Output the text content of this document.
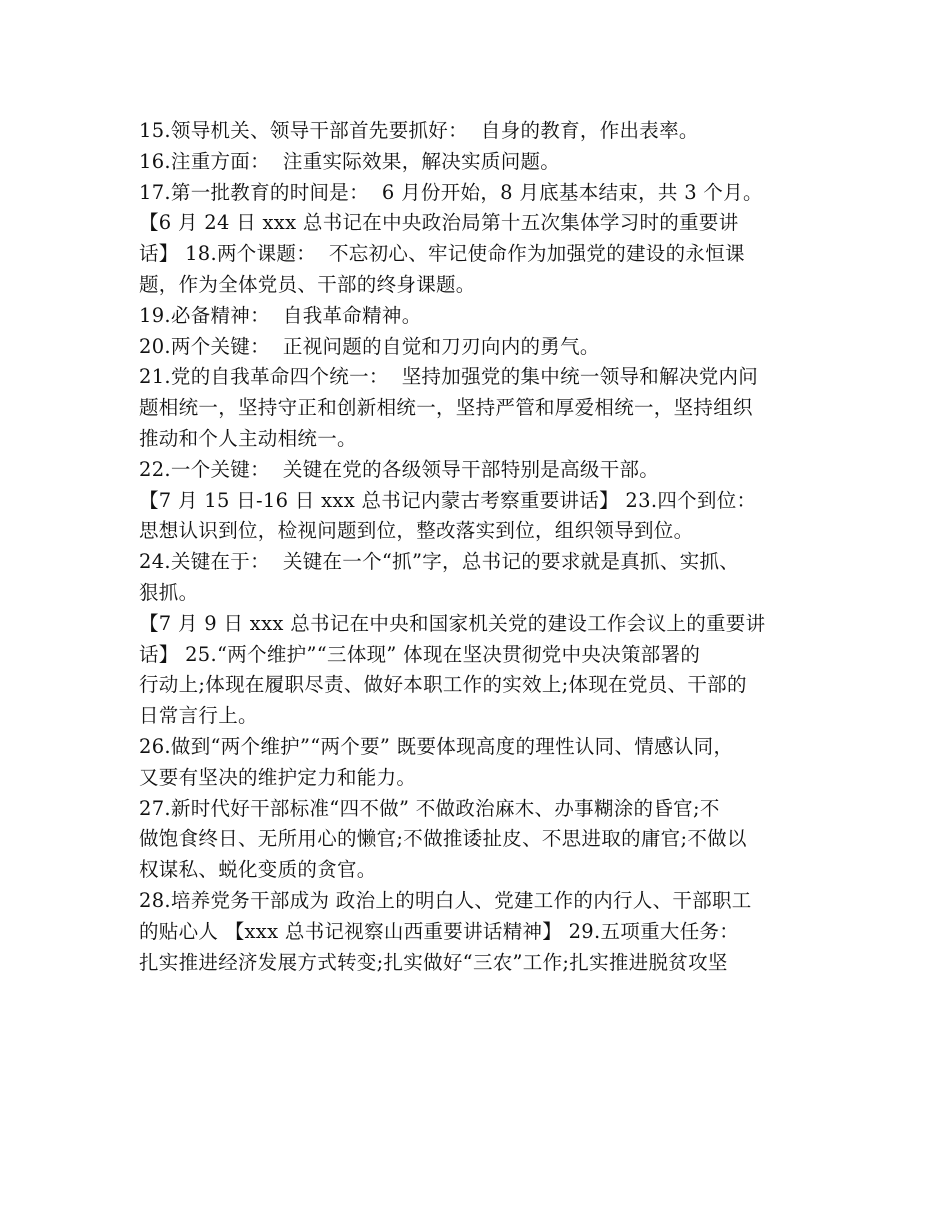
15.领导机关、领导干部首先要抓好：  自身的教育，作出表率。
16.注重方面：  注重实际效果，解决实质问题。
17.第一批教育的时间是：  6 月份开始，8 月底基本结束，共 3 个月。
【6 月 24 日 xxx 总书记在中央政治局第十五次集体学习时的重要讲
话】 18.两个课题：  不忘初心、牢记使命作为加强党的建设的永恒课
题，作为全体党员、干部的终身课题。
19.必备精神：  自我革命精神。
20.两个关键：  正视问题的自觉和刀刃向内的勇气。
21.党的自我革命四个统一：  坚持加强党的集中统一领导和解决党内问
题相统一，坚持守正和创新相统一，坚持严管和厚爱相统一，坚持组织
推动和个人主动相统一。
22.一个关键：  关键在党的各级领导干部特别是高级干部。
【7 月 15 日-16 日 xxx 总书记内蒙古考察重要讲话】 23.四个到位：
思想认识到位，检视问题到位，整改落实到位，组织领导到位。
24.关键在于：  关键在一个“抓”字，总书记的要求就是真抓、实抓、
狠抓。
【7 月 9 日 xxx 总书记在中央和国家机关党的建设工作会议上的重要讲
话】 25.“两个维护”“三体现” 体现在坚决贯彻党中央决策部署的
行动上;体现在履职尽责、做好本职工作的实效上;体现在党员、干部的
日常言行上。
26.做到“两个维护”“两个要” 既要体现高度的理性认同、情感认同，
又要有坚决的维护定力和能力。
27.新时代好干部标准“四不做” 不做政治麻木、办事糊涂的昏官;不
做饱食终日、无所用心的懒官;不做推诿扯皮、不思进取的庸官;不做以
权谋私、蜕化变质的贪官。
28.培养党务干部成为 政治上的明白人、党建工作的内行人、干部职工
的贴心人 【xxx 总书记视察山西重要讲话精神】 29.五项重大任务：
扎实推进经济发展方式转变;扎实做好“三农”工作;扎实推进脱贫攻坚
